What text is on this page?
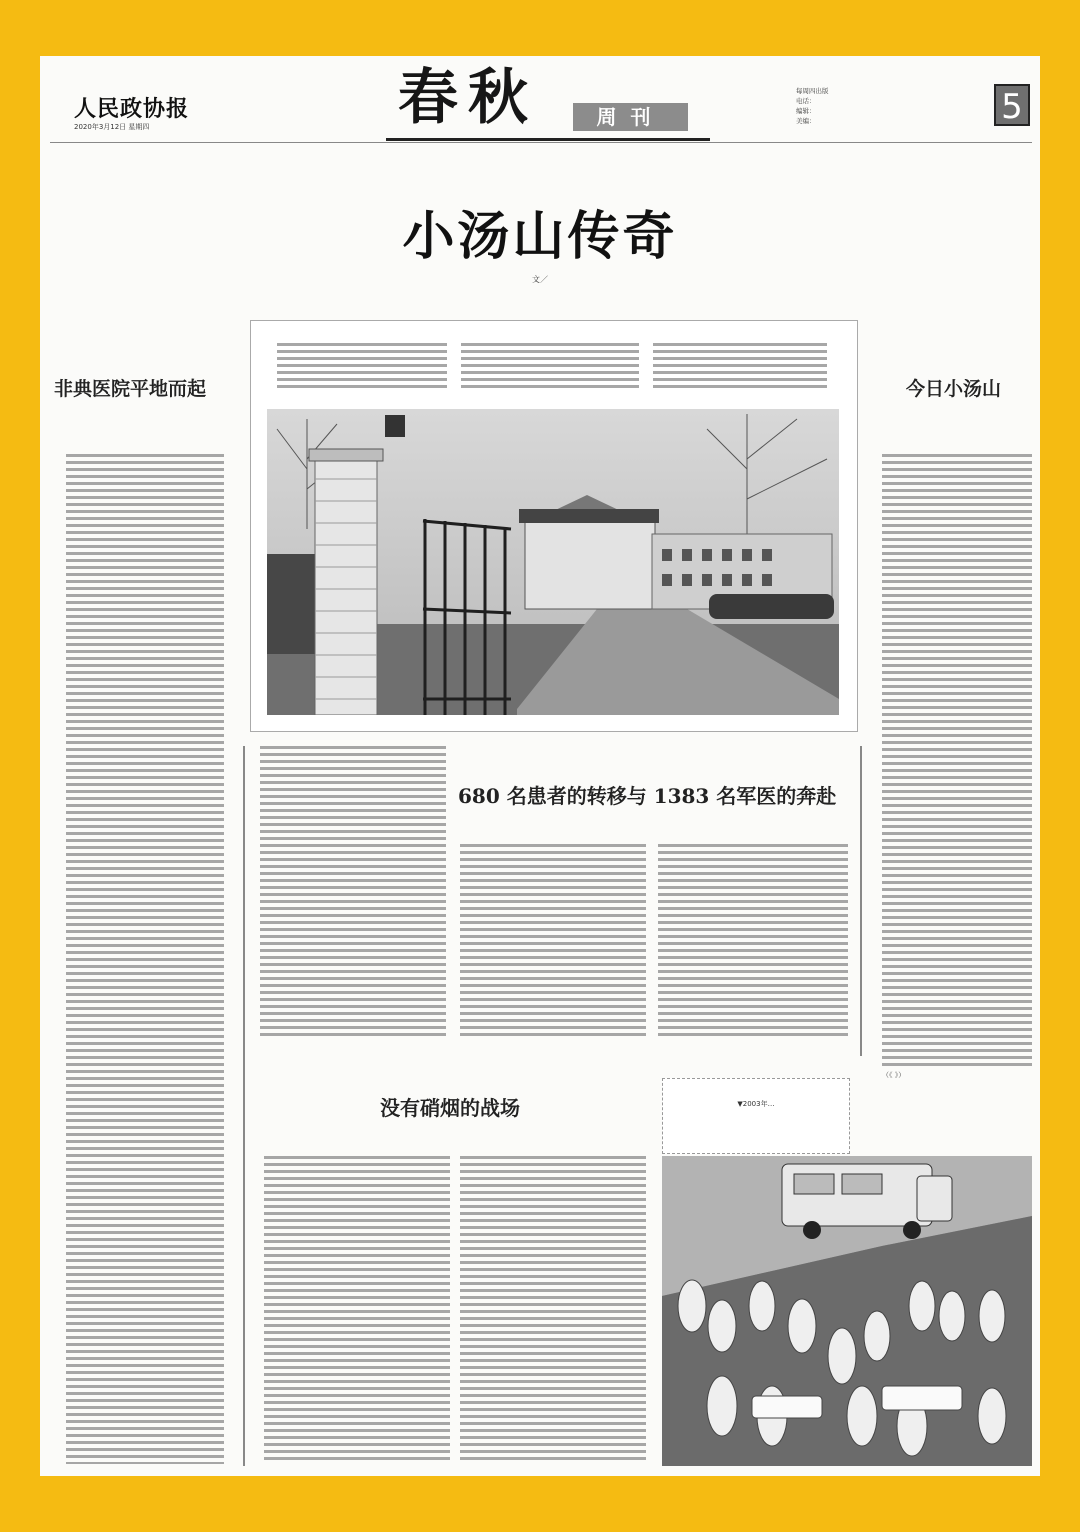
人民政协报
2020年3月12日 星期四	春秋	周刊
每周四出版
电话：
编辑：
美编：	5
小汤山传奇
文／
非典医院平地而起
680 名患者的转移与 1383 名军医的奔赴
今日小汤山
（《 》）
没有硝烟的战场	▼2003年…
